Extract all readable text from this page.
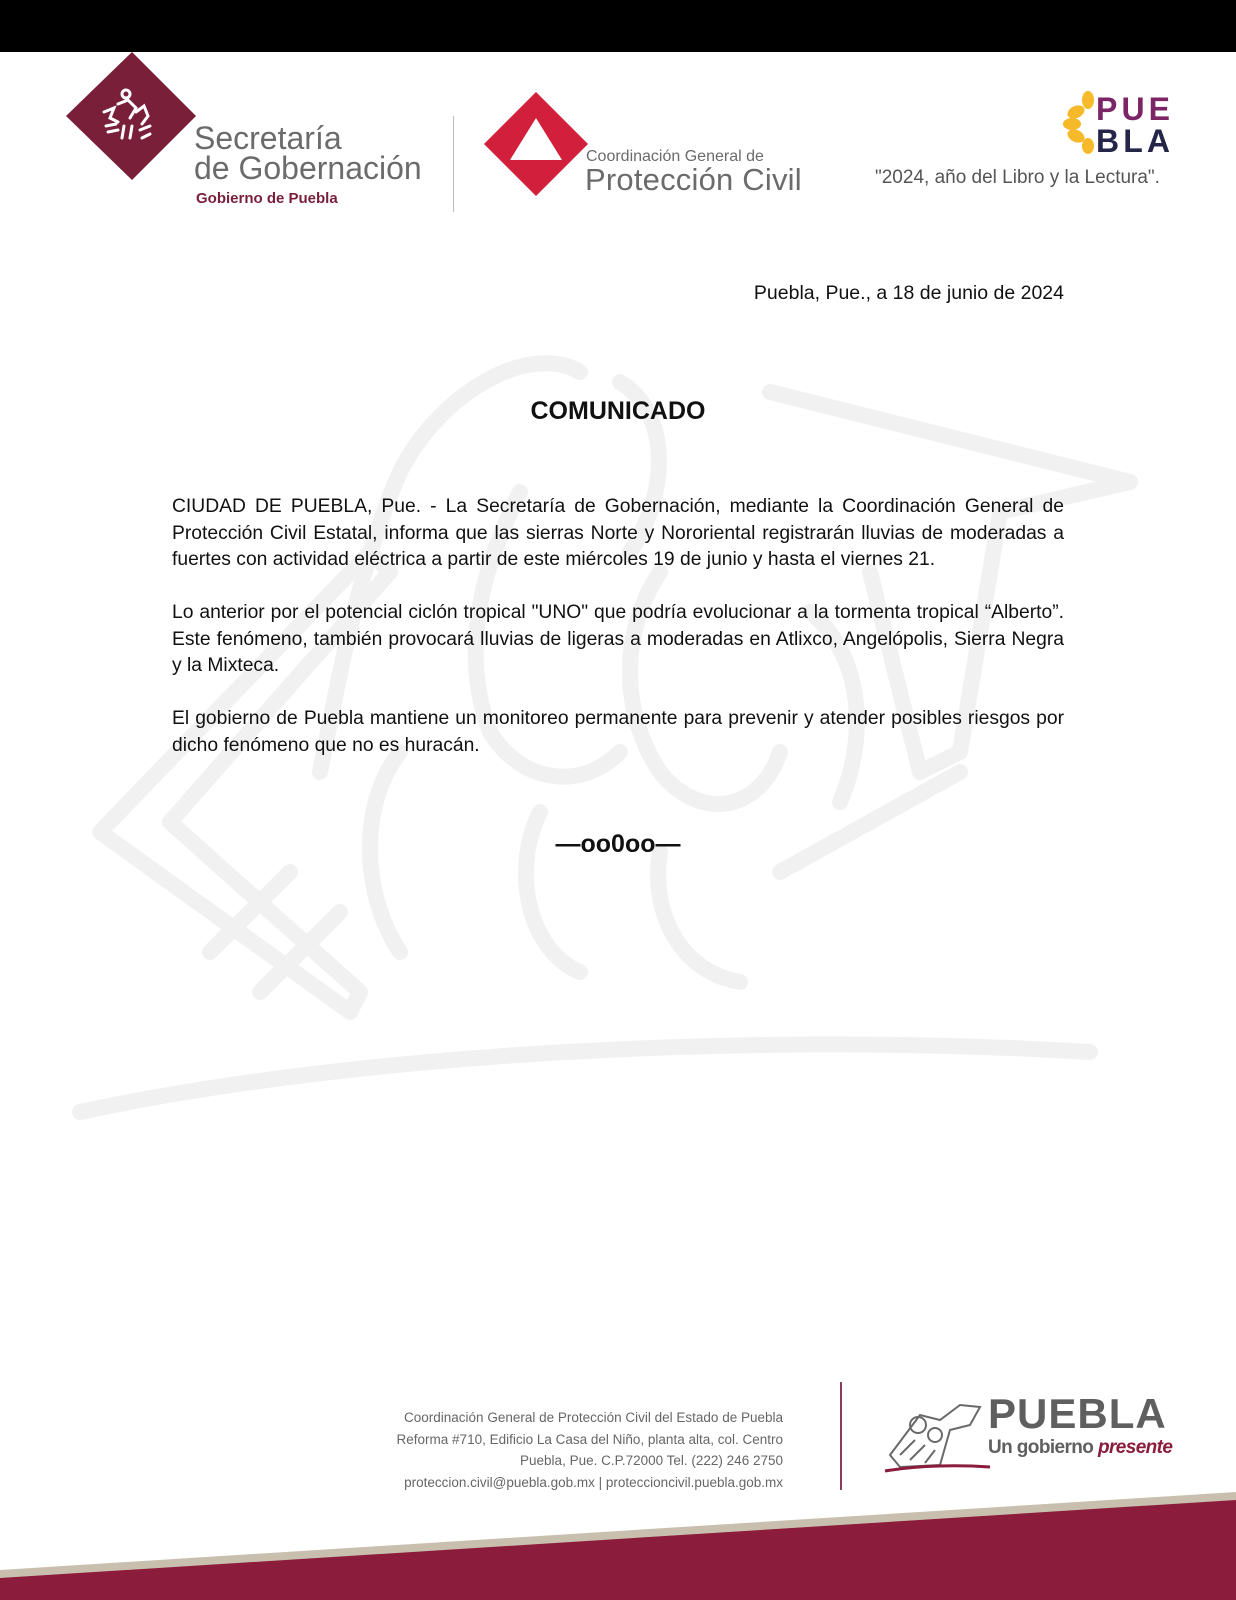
Secretaría
de Gobernación
Gobierno de Puebla
Coordinación General de
Protección Civil
PUE
BLA
"2024, año del Libro y la Lectura".
Puebla, Pue., a 18 de junio de 2024
COMUNICADO

CIUDAD DE PUEBLA, Pue. - La Secretaría de Gobernación, mediante la Coordinación General de Protección Civil Estatal, informa que las sierras Norte y Nororiental registrarán lluvias de moderadas a fuertes con actividad eléctrica a partir de este miércoles 19 de junio y hasta el viernes 21.

Lo anterior por el potencial ciclón tropical "UNO" que podría evolucionar a la tormenta tropical “Alberto”. Este fenómeno, también provocará lluvias de ligeras a moderadas en Atlixco, Angelópolis, Sierra Negra y la Mixteca.

El gobierno de Puebla mantiene un monitoreo permanente para prevenir y atender posibles riesgos por dicho fenómeno que no es huracán.

—oo0oo—
Coordinación General de Protección Civil del Estado de Puebla
Reforma #710, Edificio La Casa del Niño, planta alta, col. Centro
Puebla, Pue. C.P.72000 Tel. (222) 246 2750
proteccion.civil@puebla.gob.mx | proteccioncivil.puebla.gob.mx
PUEBLA
Un gobierno presente
